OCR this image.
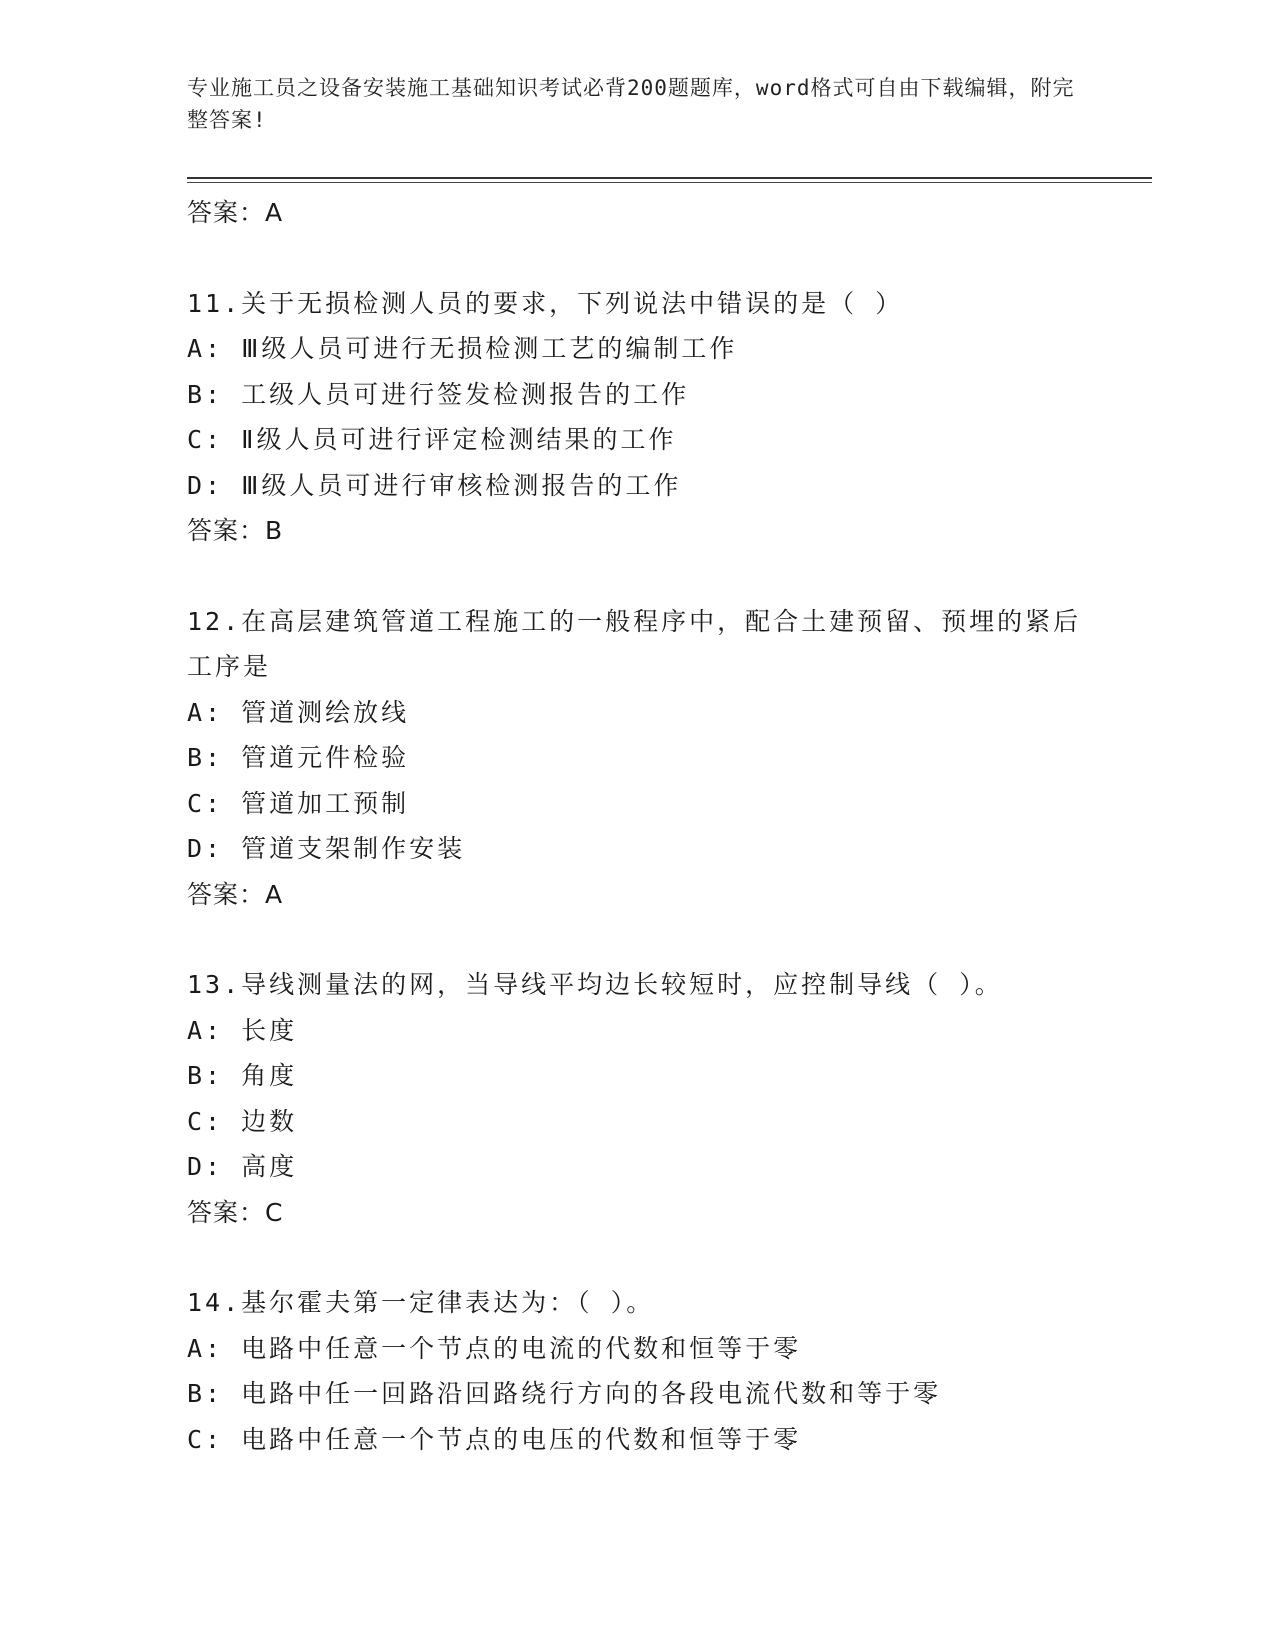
专业施工员之设备安装施工基础知识考试必背200题题库，word格式可自由下载编辑，附完整答案!
答案：A
11.关于无损检测人员的要求，下列说法中错误的是（ ）
A: Ⅲ级人员可进行无损检测工艺的编制工作
B: 工级人员可进行签发检测报告的工作
C: Ⅱ级人员可进行评定检测结果的工作
D: Ⅲ级人员可进行审核检测报告的工作
答案：B
12.在高层建筑管道工程施工的一般程序中，配合土建预留、预埋的紧后工序是
A: 管道测绘放线
B: 管道元件检验
C: 管道加工预制
D: 管道支架制作安装
答案：A
13.导线测量法的网，当导线平均边长较短时，应控制导线（ ）。
A: 长度
B: 角度
C: 边数
D: 高度
答案：C
14.基尔霍夫第一定律表达为：（ ）。
A: 电路中任意一个节点的电流的代数和恒等于零
B: 电路中任一回路沿回路绕行方向的各段电流代数和等于零
C: 电路中任意一个节点的电压的代数和恒等于零
